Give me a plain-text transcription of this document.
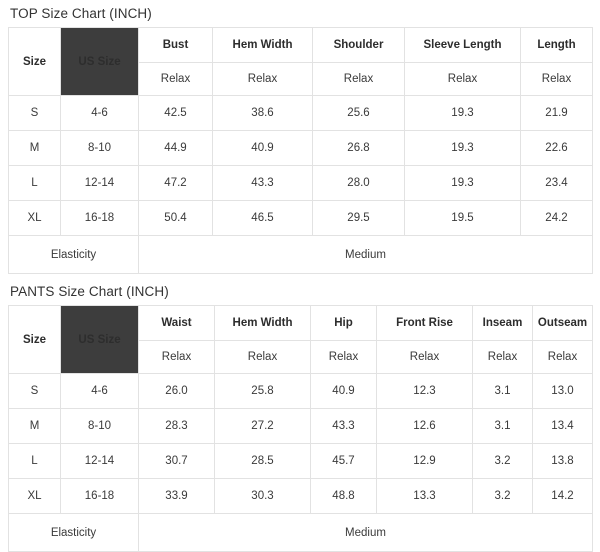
TOP Size Chart (INCH)
Size	US Size	Bust	Hem Width	Shoulder	Sleeve Length	Length
		Relax	Relax	Relax	Relax	Relax
S	4-6	42.5	38.6	25.6	19.3	21.9
M	8-10	44.9	40.9	26.8	19.3	22.6
L	12-14	47.2	43.3	28.0	19.3	23.4
XL	16-18	50.4	46.5	29.5	19.5	24.2
Elasticity		Medium				
PANTS Size Chart (INCH)
Size	US Size	Waist	Hem Width	Hip	Front Rise	Inseam	Outseam
		Relax	Relax	Relax	Relax	Relax	Relax
S	4-6	26.0	25.8	40.9	12.3	3.1	13.0
M	8-10	28.3	27.2	43.3	12.6	3.1	13.4
L	12-14	30.7	28.5	45.7	12.9	3.2	13.8
XL	16-18	33.9	30.3	48.8	13.3	3.2	14.2
Elasticity		Medium					
